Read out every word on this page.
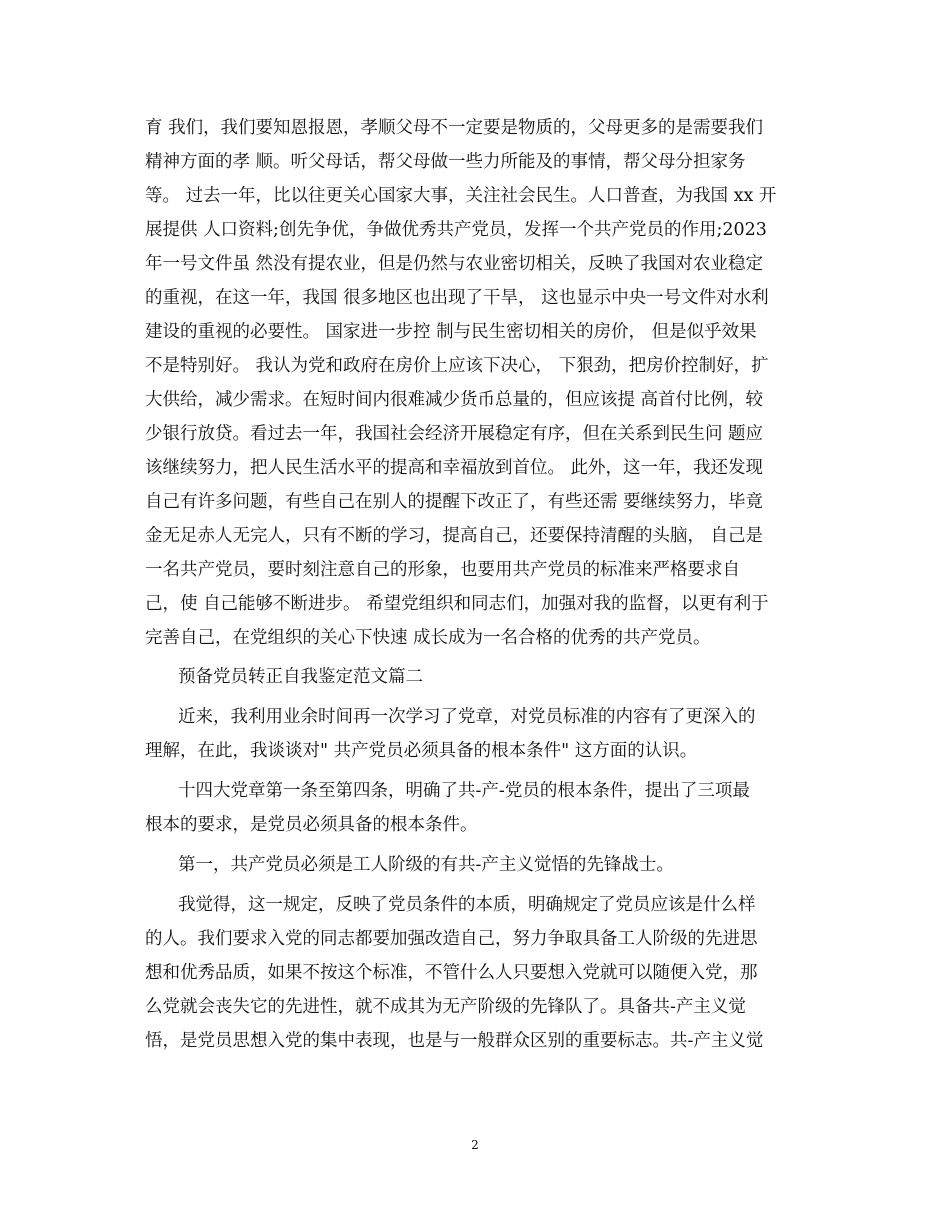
育 我们，我们要知恩报恩，孝顺父母不一定要是物质的，父母更多的是需要我们
精神方面的孝 顺。听父母话，帮父母做一些力所能及的事情，帮父母分担家务
等。 过去一年，比以往更关心国家大事，关注社会民生。人口普查，为我国 xx 开
展提供 人口资料;创先争优，争做优秀共产党员，发挥一个共产党员的作用;2023
年一号文件虽 然没有提农业，但是仍然与农业密切相关，反映了我国对农业稳定
的重视，在这一年，我国 很多地区也出现了干旱， 这也显示中央一号文件对水利
建设的重视的必要性。 国家进一步控 制与民生密切相关的房价， 但是似乎效果
不是特别好。 我认为党和政府在房价上应该下决心， 下狠劲，把房价控制好，扩
大供给，减少需求。在短时间内很难减少货币总量的，但应该提 高首付比例，较
少银行放贷。看过去一年，我国社会经济开展稳定有序，但在关系到民生问 题应
该继续努力，把人民生活水平的提高和幸福放到首位。 此外，这一年，我还发现
自己有许多问题，有些自己在别人的提醒下改正了，有些还需 要继续努力，毕竟
金无足赤人无完人，只有不断的学习，提高自己，还要保持清醒的头脑， 自己是
一名共产党员，要时刻注意自己的形象，也要用共产党员的标准来严格要求自
己，使 自己能够不断进步。 希望党组织和同志们，加强对我的监督，以更有利于
完善自己，在党组织的关心下快速 成长成为一名合格的优秀的共产党员。
预备党员转正自我鉴定范文篇二
近来，我利用业余时间再一次学习了党章，对党员标准的内容有了更深入的
理解，在此，我谈谈对" 共产党员必须具备的根本条件" 这方面的认识。
十四大党章第一条至第四条，明确了共-产-党员的根本条件，提出了三项最
根本的要求，是党员必须具备的根本条件。
第一，共产党员必须是工人阶级的有共-产主义觉悟的先锋战士。
我觉得，这一规定，反映了党员条件的本质，明确规定了党员应该是什么样
的人。我们要求入党的同志都要加强改造自己，努力争取具备工人阶级的先进思
想和优秀品质，如果不按这个标准，不管什么人只要想入党就可以随便入党，那
么党就会丧失它的先进性，就不成其为无产阶级的先锋队了。具备共-产主义觉
悟，是党员思想入党的集中表现，也是与一般群众区别的重要标志。共-产主义觉
2
